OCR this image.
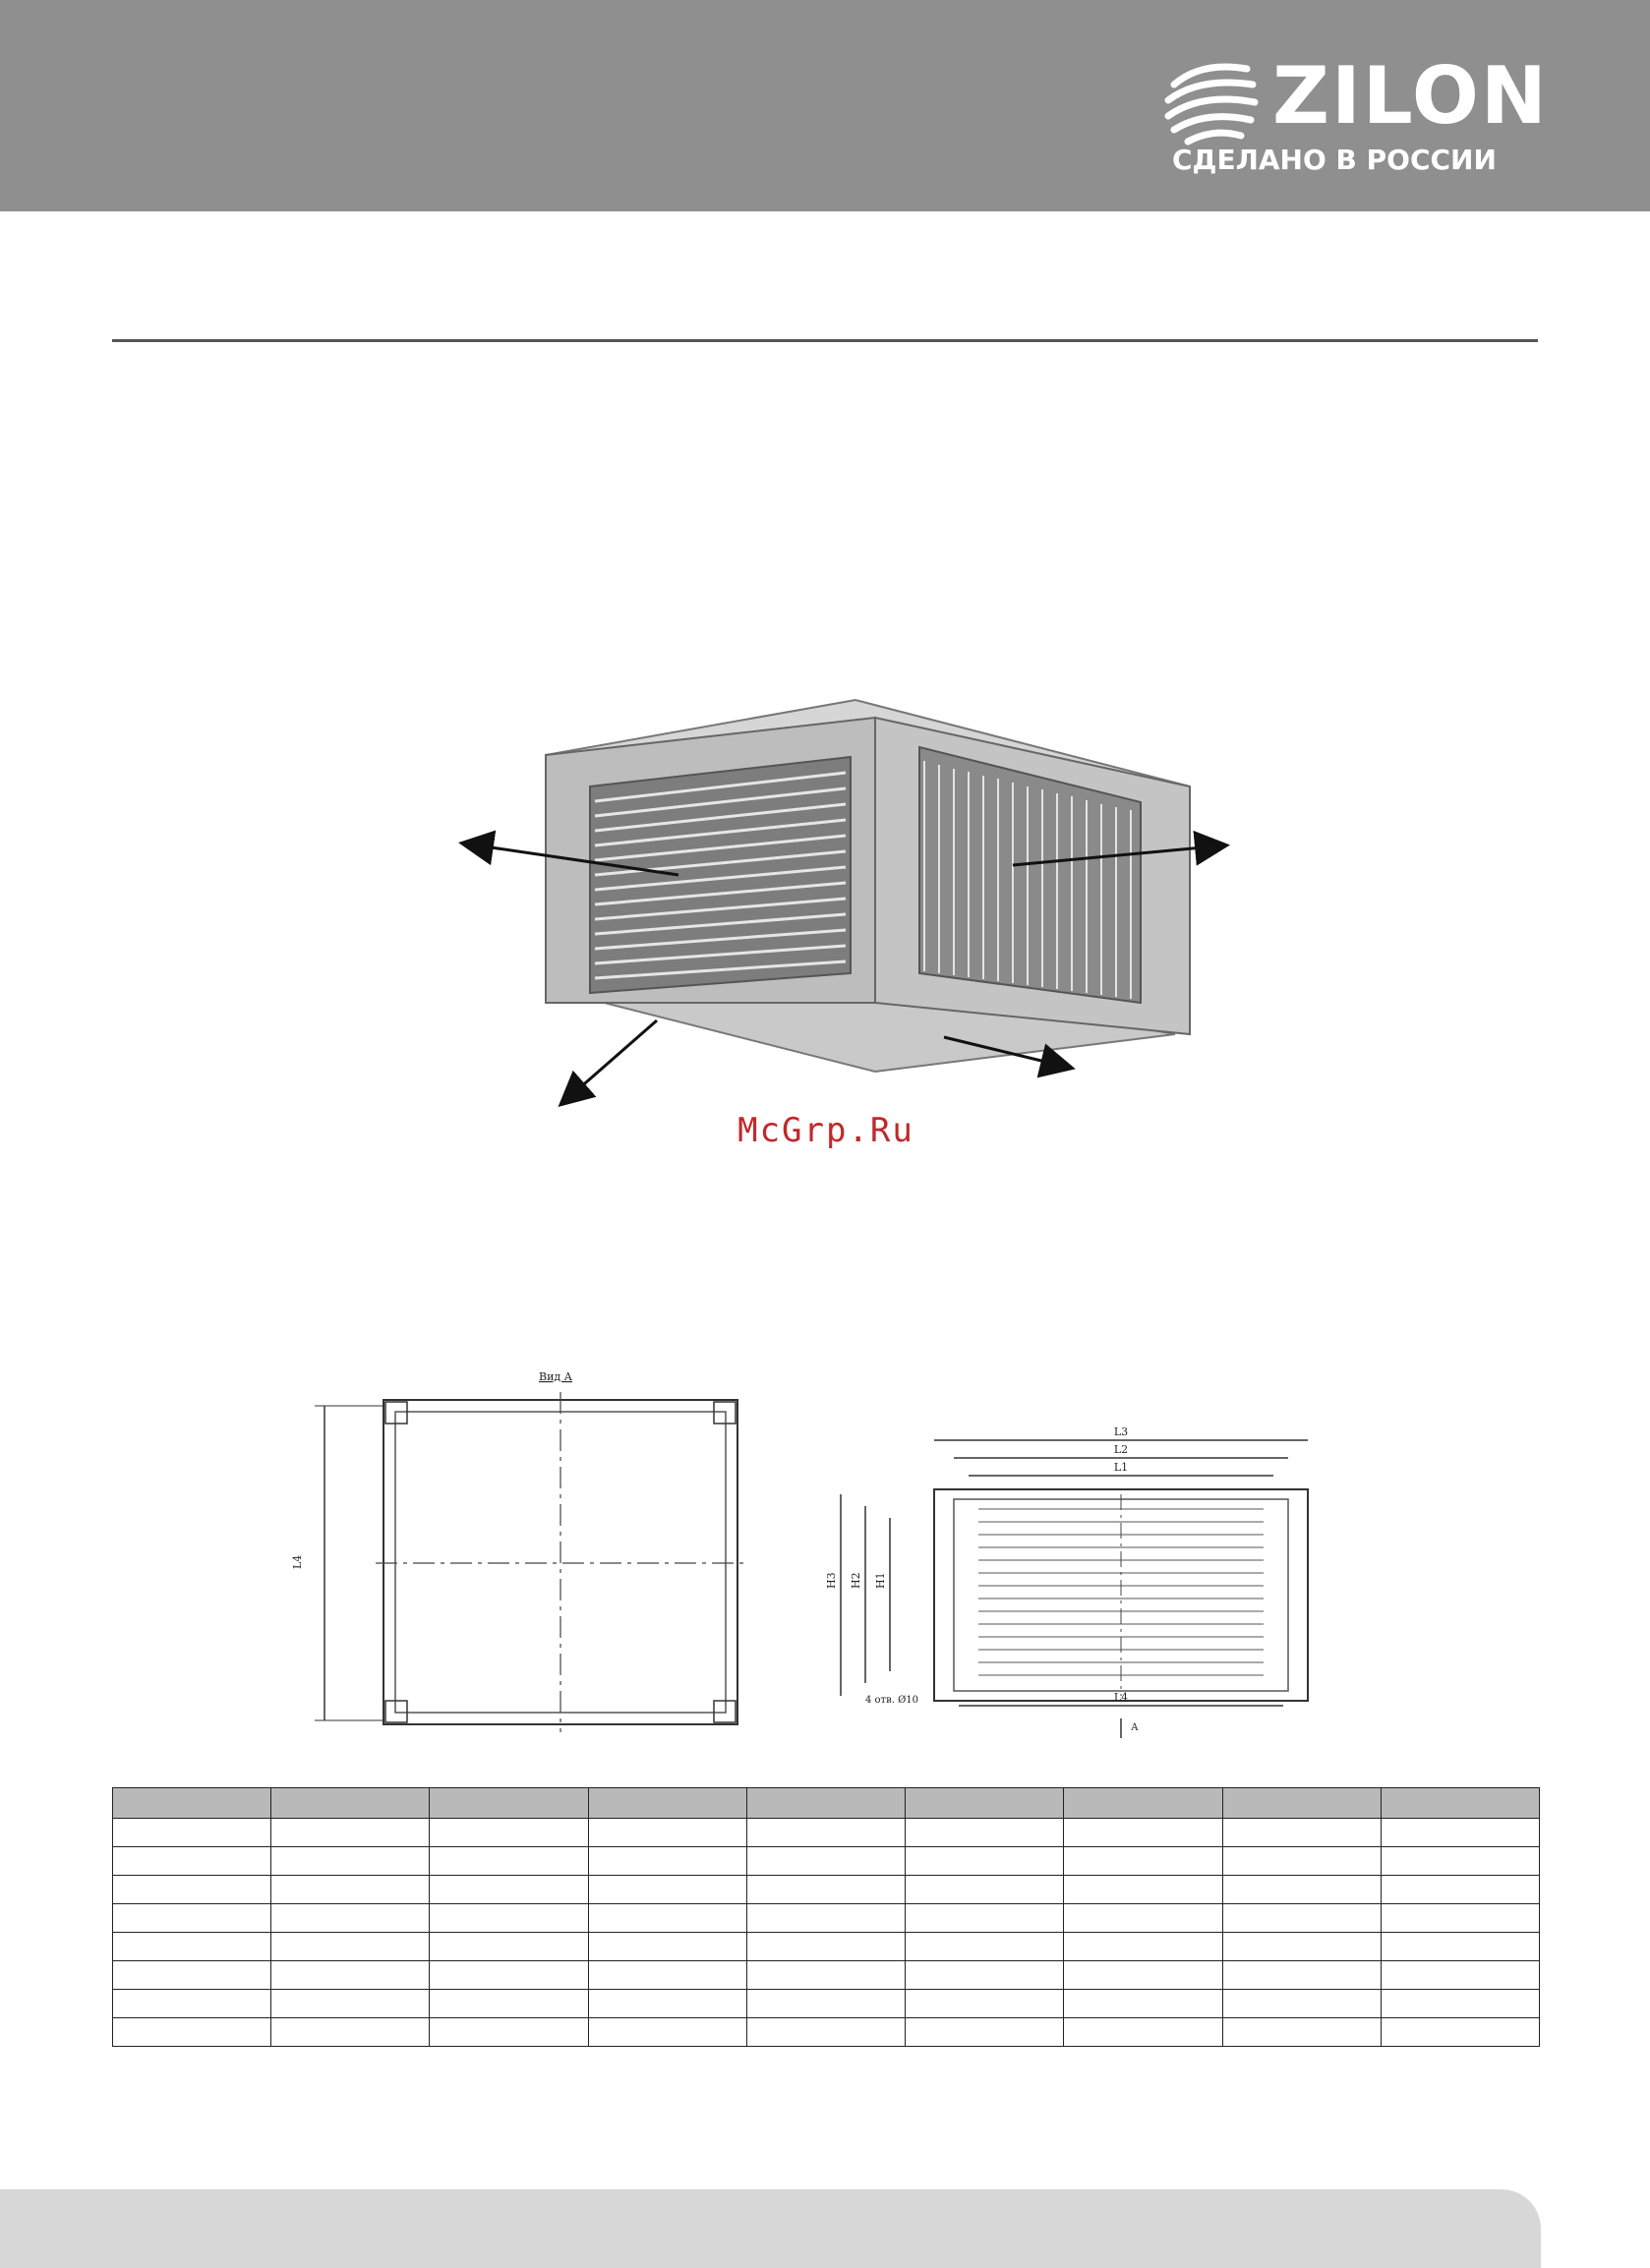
ZILON
СДЕЛАНО В РОССИИ
McGrp.Ru
Вид А
L4
L3
L2
L1
H3 H2 H1
L4
4 отв. Ø10
А
